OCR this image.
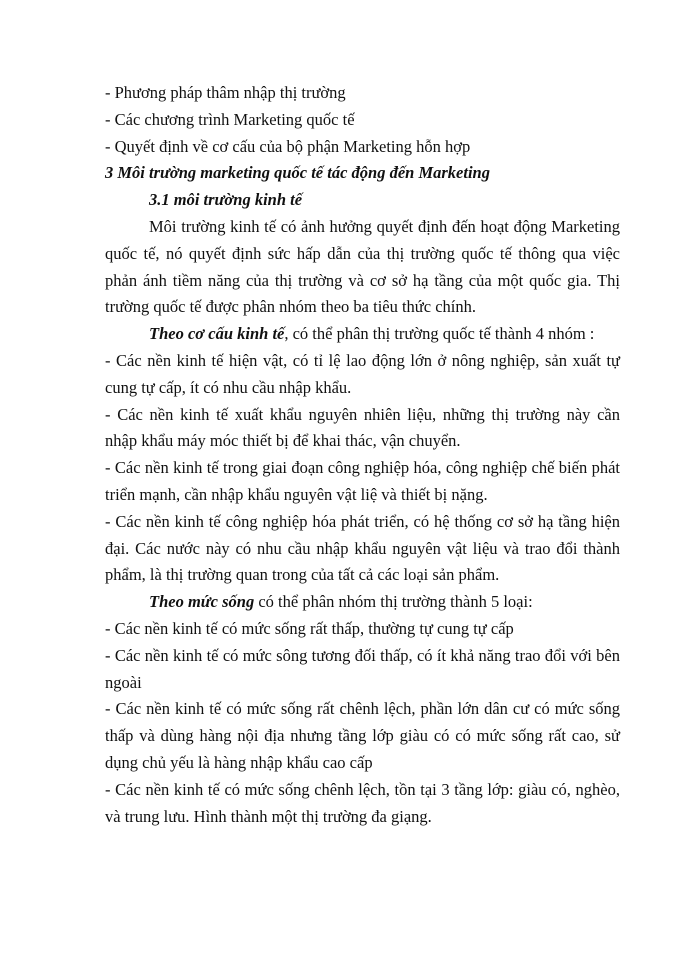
- Phương pháp thâm nhập thị trường

- Các chương trình Marketing quốc tế

- Quyết định về cơ cấu của bộ phận Marketing hỗn hợp

3 Môi trường marketing quốc tế tác động đến Marketing

3.1 môi trường kinh tế

Môi trường kinh tế có ảnh hưởng quyết định đến hoạt động Marketing quốc tế, nó quyết định sức hấp dẫn của thị trường quốc tế thông qua việc phản ánh tiềm năng của thị trường và cơ sở hạ tầng của một quốc gia. Thị trường quốc tế được phân nhóm theo ba tiêu thức chính.

Theo cơ cấu kinh tế, có thể phân thị trường quốc tế thành 4 nhóm :

- Các nền kinh tế hiện vật, có tỉ lệ lao động lớn ở nông nghiệp, sản xuất tự cung tự cấp, ít có nhu cầu nhập khẩu.

- Các nền kinh tế xuất khẩu nguyên nhiên liệu, những thị trường này cần nhập khẩu máy móc thiết bị để khai thác, vận chuyển.

- Các nền kinh tế trong giai đoạn công nghiệp hóa, công nghiệp chế biến phát triển mạnh, cần nhập khẩu nguyên vật liệ và thiết bị nặng.

- Các nền kinh tế công nghiệp hóa phát triển, có hệ thống cơ sở hạ tầng hiện đại. Các nước này có nhu cầu nhập khẩu nguyên vật liệu và trao đổi thành phẩm, là thị trường quan trong của tất cả các loại sản phẩm.

Theo mức sống có thể phân nhóm thị trường thành 5 loại:

- Các nền kinh tế có mức sống rất thấp, thường tự cung tự cấp

- Các nền kinh tế có mức sông tương đối thấp, có ít khả năng trao đổi với bên ngoài

- Các nền kinh tế có mức sống rất chênh lệch, phần lớn dân cư có mức sống thấp và dùng hàng nội địa nhưng tầng lớp giàu có có mức sống rất cao, sử dụng chủ yếu là hàng nhập khẩu cao cấp

- Các nền kinh tế có mức sống chênh lệch, tồn tại 3 tầng lớp: giàu có, nghèo, và trung lưu. Hình thành một thị trường đa giạng.
